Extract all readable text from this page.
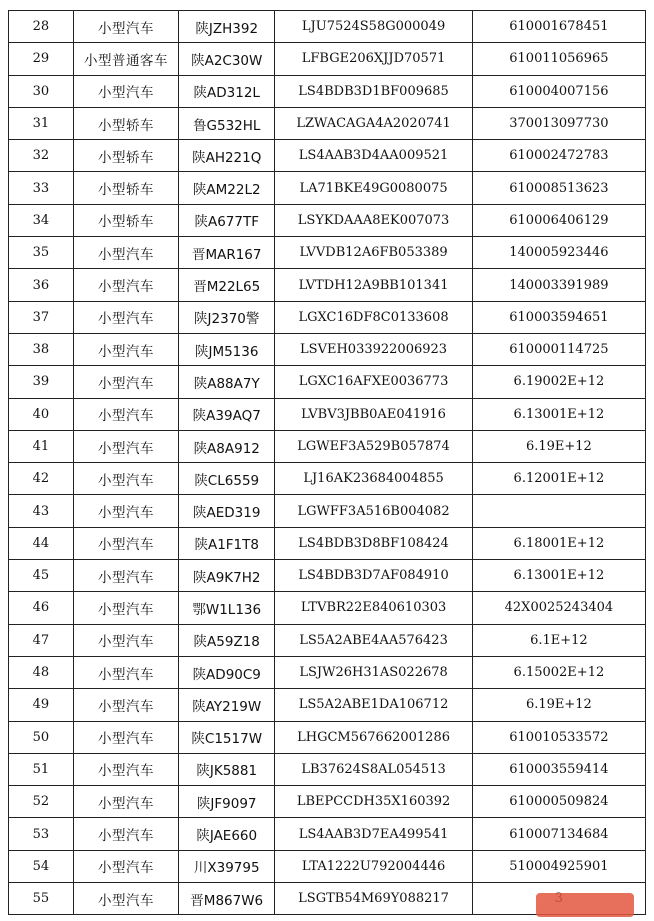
28	小型汽车	陕JZH392	LJU7524S58G000049	610001678451
29	小型普通客车	陕A2C30W	LFBGE206XJJD70571	610011056965
30	小型汽车	陕AD312L	LS4BDB3D1BF009685	610004007156
31	小型轿车	鲁G532HL	LZWACAGA4A2020741	370013097730
32	小型轿车	陕AH221Q	LS4AAB3D4AA009521	610002472783
33	小型轿车	陕AM22L2	LA71BKE49G0080075	610008513623
34	小型轿车	陕A677TF	LSYKDAAA8EK007073	610006406129
35	小型汽车	晋MAR167	LVVDB12A6FB053389	140005923446
36	小型汽车	晋M22L65	LVTDH12A9BB101341	140003391989
37	小型汽车	陕J2370警	LGXC16DF8C0133608	610003594651
38	小型汽车	陕JM5136	LSVEH033922006923	610000114725
39	小型汽车	陕A88A7Y	LGXC16AFXE0036773	6.19002E+12
40	小型汽车	陕A39AQ7	LVBV3JBB0AE041916	6.13001E+12
41	小型汽车	陕A8A912	LGWEF3A529B057874	6.19E+12
42	小型汽车	陕CL6559	LJ16AK23684004855	6.12001E+12
43	小型汽车	陕AED319	LGWFF3A516B004082	
44	小型汽车	陕A1F1T8	LS4BDB3D8BF108424	6.18001E+12
45	小型汽车	陕A9K7H2	LS4BDB3D7AF084910	6.13001E+12
46	小型汽车	鄂W1L136	LTVBR22E840610303	42X0025243404
47	小型汽车	陕A59Z18	LS5A2ABE4AA576423	6.1E+12
48	小型汽车	陕AD90C9	LSJW26H31AS022678	6.15002E+12
49	小型汽车	陕AY219W	LS5A2ABE1DA106712	6.19E+12
50	小型汽车	陕C1517W	LHGCM567662001286	610010533572
51	小型汽车	陕JK5881	LB37624S8AL054513	610003559414
52	小型汽车	陕JF9097	LBEPCCDH35X160392	610000509824
53	小型汽车	陕JAE660	LS4AAB3D7EA499541	610007134684
54	小型汽车	川X39795	LTA1222U792004446	510004925901
55	小型汽车	晋M867W6	LSGTB54M69Y088217	
